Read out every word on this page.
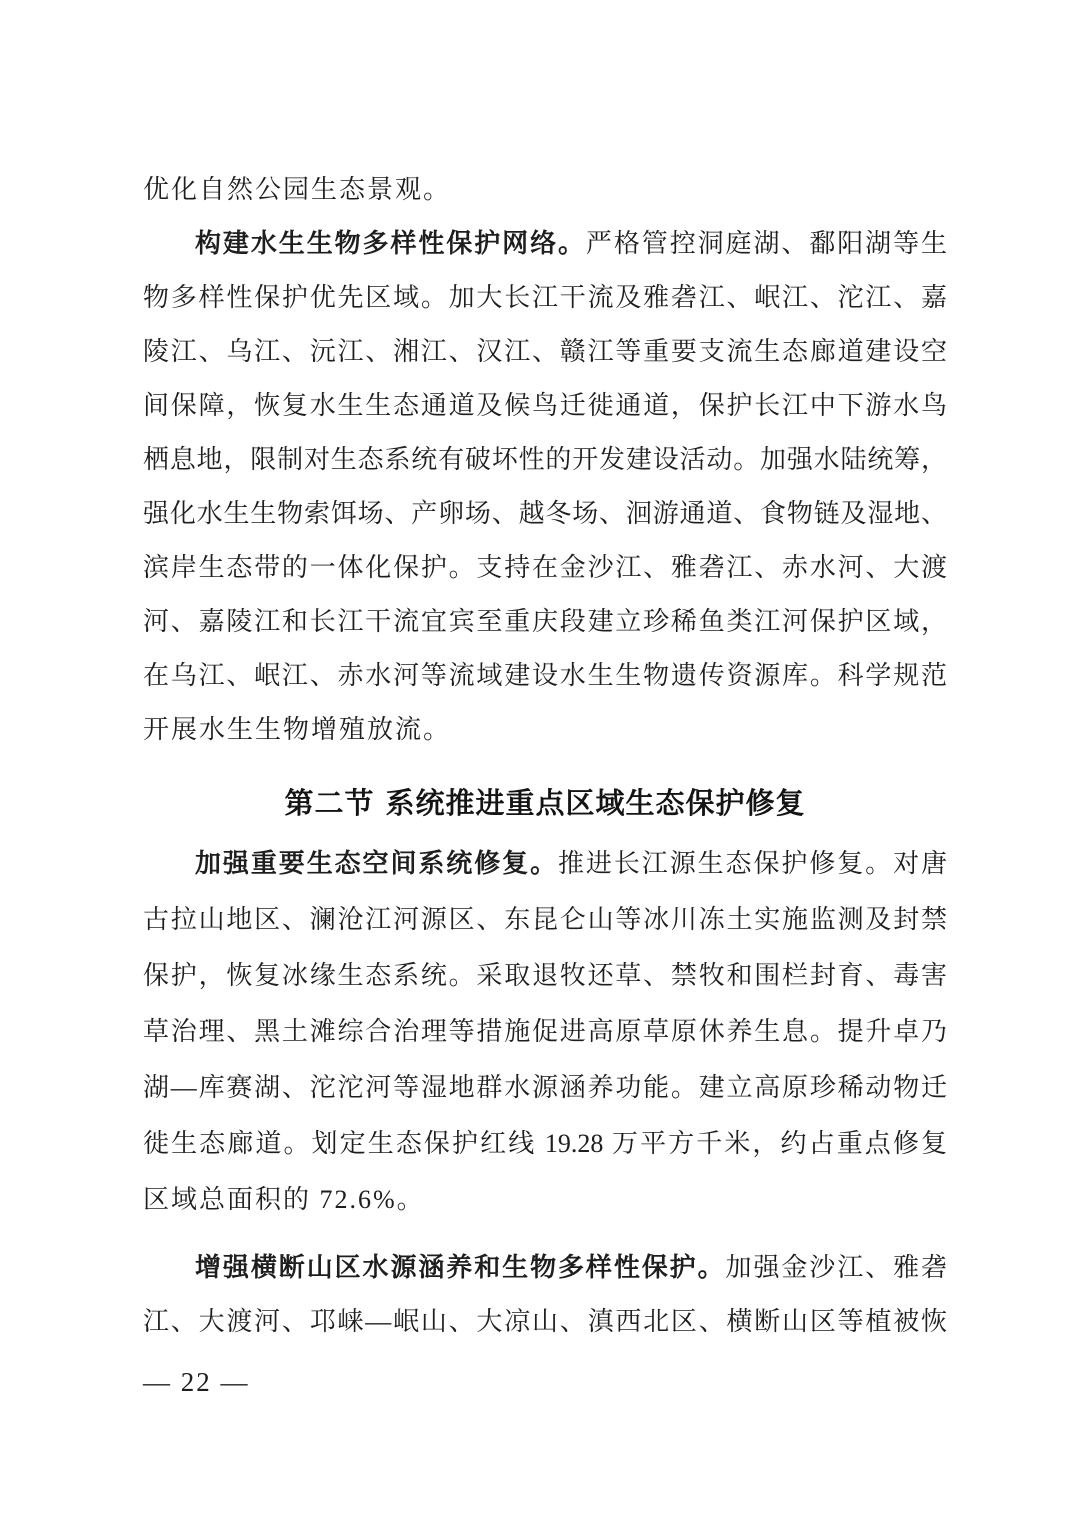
优化自然公园生态景观。
构建水生生物多样性保护网络。严格管控洞庭湖、鄱阳湖等生
物多样性保护优先区域。加大长江干流及雅砻江、岷江、沱江、嘉
陵江、乌江、沅江、湘江、汉江、赣江等重要支流生态廊道建设空
间保障，恢复水生生态通道及候鸟迁徙通道，保护长江中下游水鸟
栖息地，限制对生态系统有破坏性的开发建设活动。加强水陆统筹，
强化水生生物索饵场、产卵场、越冬场、洄游通道、食物链及湿地、
滨岸生态带的一体化保护。支持在金沙江、雅砻江、赤水河、大渡
河、嘉陵江和长江干流宜宾至重庆段建立珍稀鱼类江河保护区域，
在乌江、岷江、赤水河等流域建设水生生物遗传资源库。科学规范
开展水生生物增殖放流。
第二节 系统推进重点区域生态保护修复
加强重要生态空间系统修复。推进长江源生态保护修复。对唐
古拉山地区、澜沧江河源区、东昆仑山等冰川冻土实施监测及封禁
保护，恢复冰缘生态系统。采取退牧还草、禁牧和围栏封育、毒害
草治理、黑土滩综合治理等措施促进高原草原休养生息。提升卓乃
湖—库赛湖、沱沱河等湿地群水源涵养功能。建立高原珍稀动物迁
徙生态廊道。划定生态保护红线 19.28 万平方千米，约占重点修复
区域总面积的 72.6%。
增强横断山区水源涵养和生物多样性保护。加强金沙江、雅砻
江、大渡河、邛崃—岷山、大凉山、滇西北区、横断山区等植被恢
— 22 —
